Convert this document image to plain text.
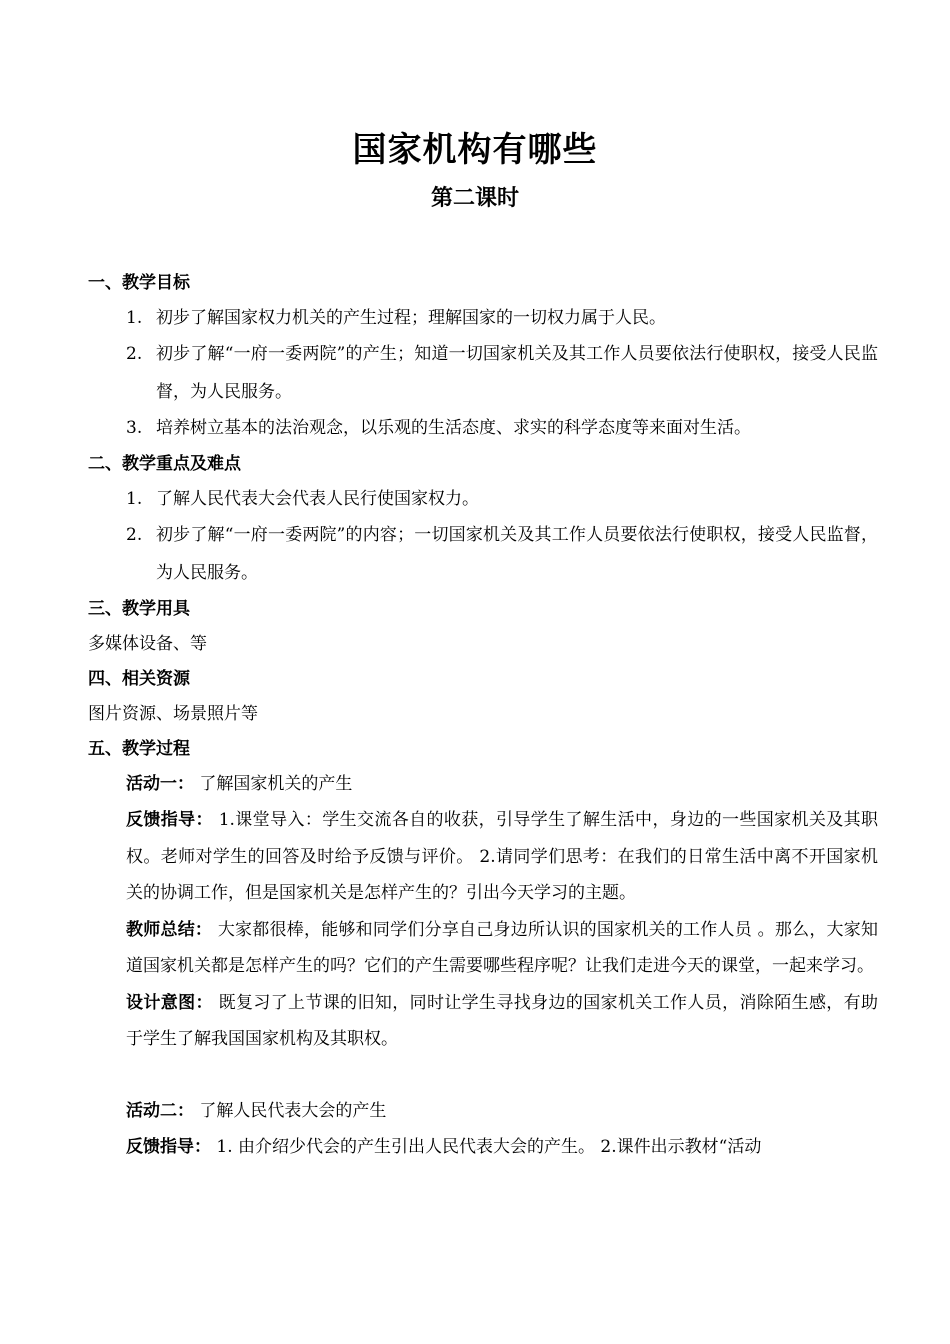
国家机构有哪些
第二课时
一、教学目标
1. 初步了解国家权力机关的产生过程；理解国家的一切权力属于人民。
2. 初步了解“一府一委两院”的产生；知道一切国家机关及其工作人员要依法行使职权，接受人民监督，为人民服务。
3. 培养树立基本的法治观念，以乐观的生活态度、求实的科学态度等来面对生活。
二、教学重点及难点
1. 了解人民代表大会代表人民行使国家权力。
2. 初步了解“一府一委两院”的内容；一切国家机关及其工作人员要依法行使职权，接受人民监督，为人民服务。
三、教学用具
多媒体设备、等
四、相关资源
图片资源、场景照片等
五、教学过程
活动一： 了解国家机关的产生
反馈指导： 1.课堂导入：学生交流各自的收获，引导学生了解生活中，身边的一些国家机关及其职权。老师对学生的回答及时给予反馈与评价。 2.请同学们思考：在我们的日常生活中离不开国家机关的协调工作，但是国家机关是怎样产生的？引出今天学习的主题。
教师总结： 大家都很棒，能够和同学们分享自己身边所认识的国家机关的工作人员 。那么，大家知道国家机关都是怎样产生的吗？它们的产生需要哪些程序呢？让我们走进今天的课堂，一起来学习。
设计意图： 既复习了上节课的旧知，同时让学生寻找身边的国家机关工作人员，消除陌生感，有助于学生了解我国国家机构及其职权。
活动二： 了解人民代表大会的产生
反馈指导： 1. 由介绍少代会的产生引出人民代表大会的产生。 2.课件出示教材“活动
